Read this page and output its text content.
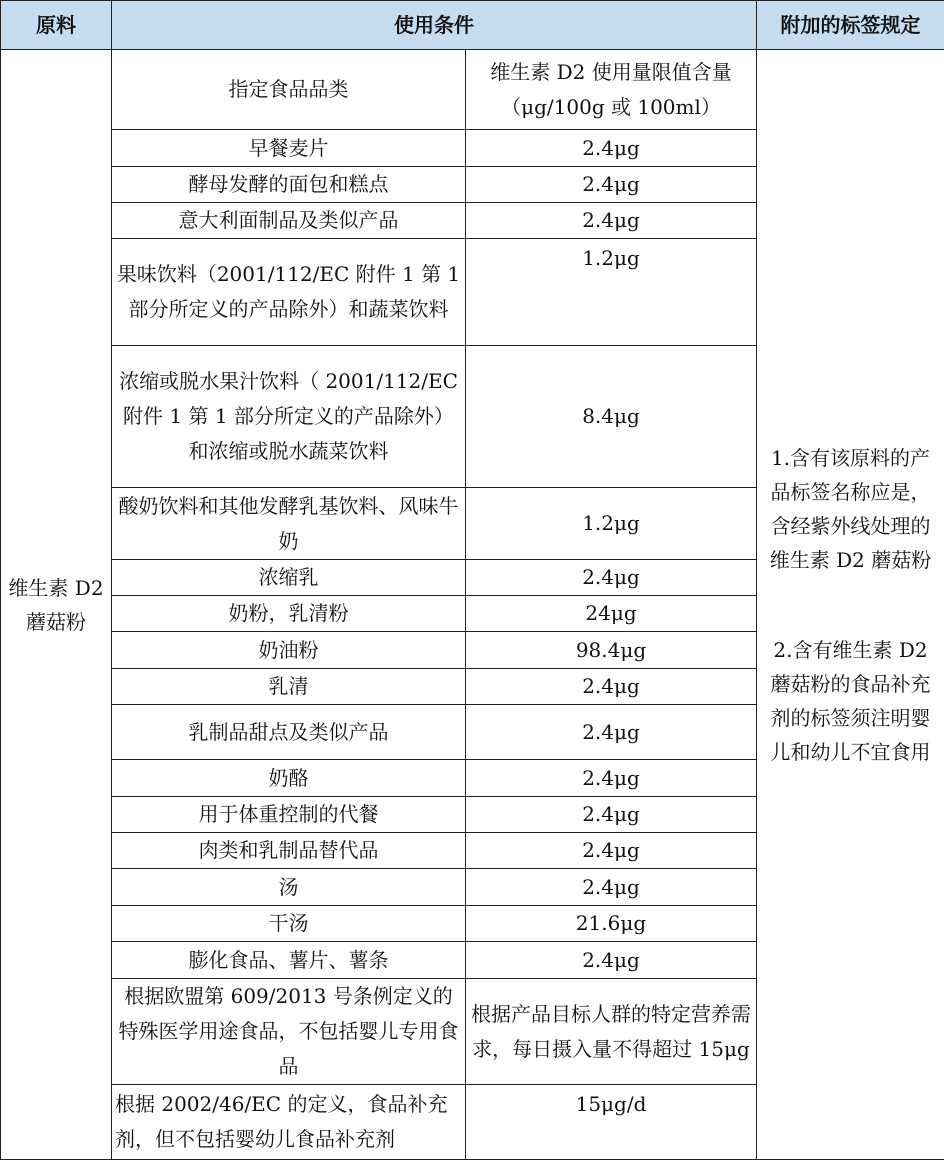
原料	使用条件		附加的标签规定
维生素 D2 蘑菇粉	指定食品品类	维生素 D2 使用量限值含量（μg/100g 或 100ml）	1.含有该原料的产品标签名称应是，含经紫外线处理的维生素 D2 蘑菇粉
2.含有维生素 D2 蘑菇粉的食品补充剂的标签须注明婴儿和幼儿不宜食用
	早餐麦片	2.4μg	
	酵母发酵的面包和糕点	2.4μg	
	意大利面制品及类似产品	2.4μg	
	果味饮料（2001/112/EC 附件 1 第 1 部分所定义的产品除外）和蔬菜饮料	1.2μg	
	浓缩或脱水果汁饮料（ 2001/112/EC 附件 1 第 1 部分所定义的产品除外）和浓缩或脱水蔬菜饮料	8.4μg	
	酸奶饮料和其他发酵乳基饮料、风味牛奶	1.2μg	
	浓缩乳	2.4μg	
	奶粉，乳清粉	24μg	
	奶油粉	98.4μg	
	乳清	2.4μg	
	乳制品甜点及类似产品	2.4μg	
	奶酪	2.4μg	
	用于体重控制的代餐	2.4μg	
	肉类和乳制品替代品	2.4μg	
	汤	2.4μg	
	干汤	21.6μg	
	膨化食品、薯片、薯条	2.4μg	
	根据欧盟第 609/2013 号条例定义的特殊医学用途食品，不包括婴儿专用食品	根据产品目标人群的特定营养需求，每日摄入量不得超过 15μg	
	根据 2002/46/EC 的定义，食品补充剂，但不包括婴幼儿食品补充剂	15μg/d	
